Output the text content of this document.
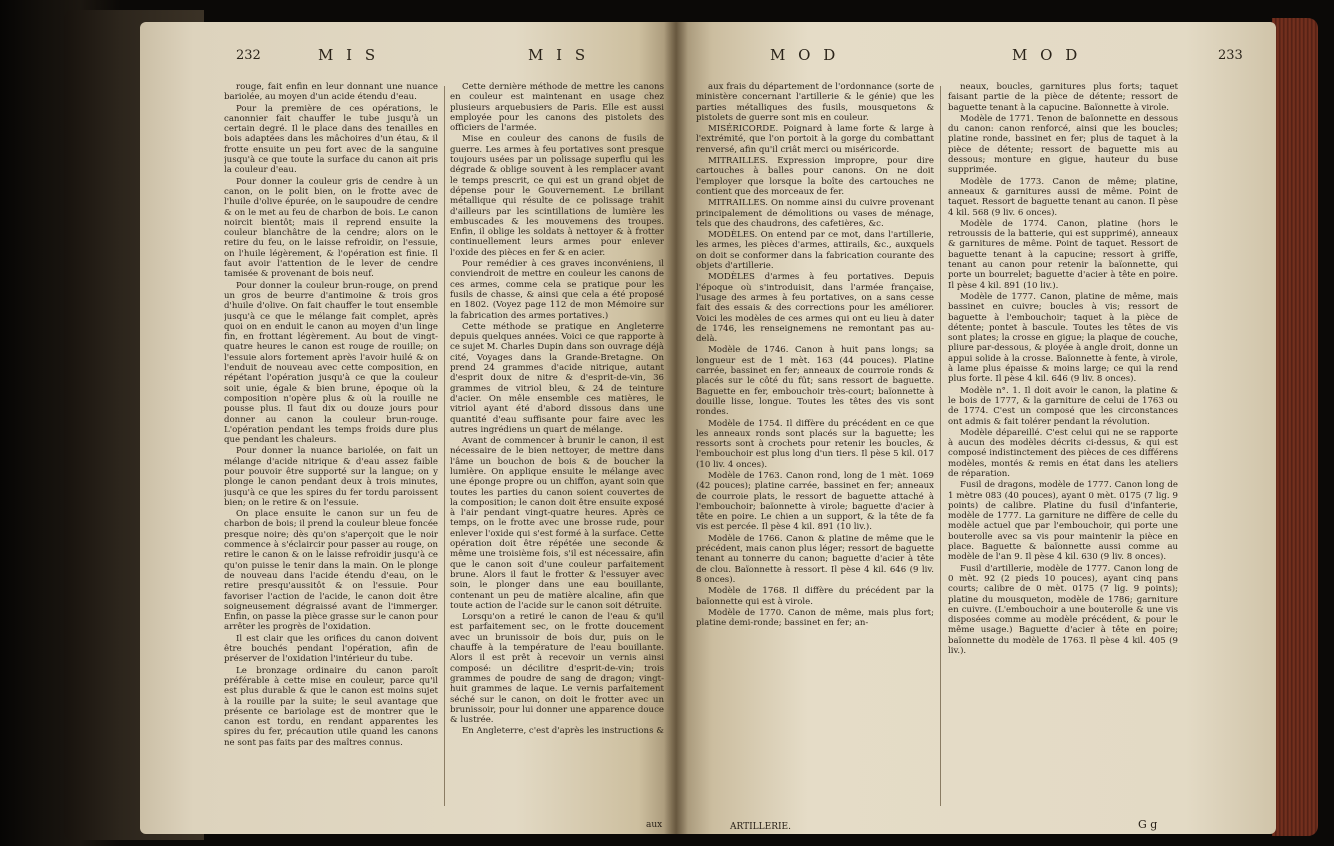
232	M I S	M I S	M O D	M O D	233

rouge, fait enfin en leur donnant une nuance bariolée, au moyen d'un acide étendu d'eau.

Pour la première de ces opérations, le canonnier fait chauffer le tube jusqu'à un certain degré. Il le place dans des tenailles en bois adaptées dans les mâchoires d'un étau, & il frotte ensuite un peu fort avec de la sanguine jusqu'à ce que toute la surface du canon ait pris la couleur d'eau.

Pour donner la couleur gris de cendre à un canon, on le polit bien, on le frotte avec de l'huile d'olive épurée, on le saupoudre de cendre & on le met au feu de charbon de bois. Le canon noircit bientôt; mais il reprend ensuite la couleur blanchâtre de la cendre; alors on le retire du feu, on le laisse refroidir, on l'essuie, on l'huile légèrement, & l'opération est finie. Il faut avoir l'attention de le lever de cendre tamisée & provenant de bois neuf.

Pour donner la couleur brun-rouge, on prend un gros de beurre d'antimoine & trois gros d'huile d'olive. On fait chauffer le tout ensemble jusqu'à ce que le mélange fait complet, après quoi on en enduit le canon au moyen d'un linge fin, en frottant légèrement. Au bout de vingt-quatre heures le canon est rouge de rouille; on l'essuie alors fortement après l'avoir huilé & on l'enduit de nouveau avec cette composition, en répétant l'opération jusqu'à ce que la couleur soit unie, égale & bien brune, époque où la composition n'opère plus & où la rouille ne pousse plus. Il faut dix ou douze jours pour donner au canon la couleur brun-rouge. L'opération pendant les temps froids dure plus que pendant les chaleurs.

Pour donner la nuance bariolée, on fait un mélange d'acide nitrique & d'eau assez faible pour pouvoir être supporté sur la langue; on y plonge le canon pendant deux à trois minutes, jusqu'à ce que les spires du fer tordu paroissent bien; on le retire & on l'essuie.

On place ensuite le canon sur un feu de charbon de bois; il prend la couleur bleue foncée presque noire; dès qu'on s'aperçoit que le noir commence à s'éclaircir pour passer au rouge, on retire le canon & on le laisse refroidir jusqu'à ce qu'on puisse le tenir dans la main. On le plonge de nouveau dans l'acide étendu d'eau, on le retire presqu'aussitôt & on l'essuie. Pour favoriser l'action de l'acide, le canon doit être soigneusement dégraissé avant de l'immerger. Enfin, on passe la pièce grasse sur le canon pour arrêter les progrès de l'oxidation.

Il est clair que les orifices du canon doivent être bouchés pendant l'opération, afin de préserver de l'oxidation l'intérieur du tube.

Le bronzage ordinaire du canon paroît préférable à cette mise en couleur, parce qu'il est plus durable & que le canon est moins sujet à la rouille par la suite; le seul avantage que présente ce bariolage est de montrer que le canon est tordu, en rendant apparentes les spires du fer, précaution utile quand les canons ne sont pas faits par des maîtres connus.

Cette dernière méthode de mettre les canons en couleur est maintenant en usage chez plusieurs arquebusiers de Paris. Elle est aussi employée pour les canons des pistolets des officiers de l'armée.

Mise en couleur des canons de fusils de guerre. Les armes à feu portatives sont presque toujours usées par un polissage superflu qui les dégrade & oblige souvent à les remplacer avant le temps prescrit, ce qui est un grand objet de dépense pour le Gouvernement. Le brillant métallique qui résulte de ce polissage trahit d'ailleurs par les scintillations de lumière les embuscades & les mouvemens des troupes. Enfin, il oblige les soldats à nettoyer & à frotter continuellement leurs armes pour enlever l'oxide des pièces en fer & en acier.

Pour remédier à ces graves inconvéniens, il conviendroit de mettre en couleur les canons de ces armes, comme cela se pratique pour les fusils de chasse, & ainsi que cela a été proposé en 1802. (Voyez page 112 de mon Mémoire sur la fabrication des armes portatives.)

Cette méthode se pratique en Angleterre depuis quelques années. Voici ce que rapporte à ce sujet M. Charles Dupin dans son ouvrage déjà cité, Voyages dans la Grande-Bretagne. On prend 24 grammes d'acide nitrique, autant d'esprit doux de nitre & d'esprit-de-vin, 36 grammes de vitriol bleu, & 24 de teinture d'acier. On mêle ensemble ces matières, le vitriol ayant été d'abord dissous dans une quantité d'eau suffisante pour faire avec les autres ingrédiens un quart de mélange.

Avant de commencer à brunir le canon, il est nécessaire de le bien nettoyer, de mettre dans l'âme un bouchon de bois & de boucher la lumière. On applique ensuite le mélange avec une éponge propre ou un chiffon, ayant soin que toutes les parties du canon soient couvertes de la composition; le canon doit être ensuite exposé à l'air pendant vingt-quatre heures. Après ce temps, on le frotte avec une brosse rude, pour enlever l'oxide qui s'est formé à la surface. Cette opération doit être répétée une seconde & même une troisième fois, s'il est nécessaire, afin que le canon soit d'une couleur parfaitement brune. Alors il faut le frotter & l'essuyer avec soin, le plonger dans une eau bouillante, contenant un peu de matière alcaline, afin que toute action de l'acide sur le canon soit détruite.

Lorsqu'on a retiré le canon de l'eau & qu'il est parfaitement sec, on le frotte doucement avec un brunissoir de bois dur, puis on le chauffe à la température de l'eau bouillante. Alors il est prêt à recevoir un vernis ainsi composé: un décilitre d'esprit-de-vin; trois grammes de poudre de sang de dragon; vingt-huit grammes de laque. Le vernis parfaitement séché sur le canon, on doit le frotter avec un brunissoir, pour lui donner une apparence douce & lustrée.

En Angleterre, c'est d'après les instructions &

aux frais du département de l'ordonnance (sorte de ministère concernant l'artillerie & le génie) que les parties métalliques des fusils, mousquetons & pistolets de guerre sont mis en couleur.

MISÉRICORDE. Poignard à lame forte & large à l'extrémité, que l'on portoit à la gorge du combattant renversé, afin qu'il criât merci ou miséricorde.

MITRAILLES. Expression impropre, pour dire cartouches à balles pour canons. On ne doit l'employer que lorsque la boîte des cartouches ne contient que des morceaux de fer.

MITRAILLES. On nomme ainsi du cuivre provenant principalement de démolitions ou vases de ménage, tels que des chaudrons, des cafetières, &c.

MODÈLES. On entend par ce mot, dans l'artillerie, les armes, les pièces d'armes, attirails, &c., auxquels on doit se conformer dans la fabrication courante des objets d'artillerie.

MODÈLES d'armes à feu portatives. Depuis l'époque où s'introduisit, dans l'armée française, l'usage des armes à feu portatives, on a sans cesse fait des essais & des corrections pour les améliorer. Voici les modèles de ces armes qui ont eu lieu à dater de 1746, les renseignemens ne remontant pas au-delà.

Modèle de 1746. Canon à huit pans longs; sa longueur est de 1 mèt. 163 (44 pouces). Platine carrée, bassinet en fer; anneaux de courroie ronds & placés sur le côté du fût; sans ressort de baguette. Baguette en fer, embouchoir très-court; baïonnette à douille lisse, longue. Toutes les têtes des vis sont rondes.

Modèle de 1754. Il diffère du précédent en ce que les anneaux ronds sont placés sur la baguette; les ressorts sont à crochets pour retenir les boucles, & l'embouchoir est plus long d'un tiers. Il pèse 5 kil. 017 (10 liv. 4 onces).

Modèle de 1763. Canon rond, long de 1 mèt. 1069 (42 pouces); platine carrée, bassinet en fer; anneaux de courroie plats, le ressort de baguette attaché à l'embouchoir; baïonnette à virole; baguette d'acier à tête en poire. Le chien a un support, & la tête de fa vis est percée. Il pèse 4 kil. 891 (10 liv.).

Modèle de 1766. Canon & platine de même que le précédent, mais canon plus léger; ressort de baguette tenant au tonnerre du canon; baguette d'acier à tête de clou. Baïonnette à ressort. Il pèse 4 kil. 646 (9 liv. 8 onces).

Modèle de 1768. Il diffère du précédent par la baïonnette qui est à virole.

Modèle de 1770. Canon de même, mais plus fort; platine demi-ronde; bassinet en fer; an-

neaux, boucles, garnitures plus forts; taquet faisant partie de la pièce de détente; ressort de baguette tenant à la capucine. Baïonnette à virole.

Modèle de 1771. Tenon de baïonnette en dessous du canon: canon renforcé, ainsi que les boucles; platine ronde, bassinet en fer; plus de taquet à la pièce de détente; ressort de baguette mis au dessous; monture en gigue, hauteur du buse supprimée.

Modèle de 1773. Canon de même; platine, anneaux & garnitures aussi de même. Point de taquet. Ressort de baguette tenant au canon. Il pèse 4 kil. 568 (9 liv. 6 onces).

Modèle de 1774. Canon, platine (hors le retroussis de la batterie, qui est supprimé), anneaux & garnitures de même. Point de taquet. Ressort de baguette tenant à la capucine; ressort à griffe, tenant au canon pour retenir la baïonnette, qui porte un bourrelet; baguette d'acier à tête en poire. Il pèse 4 kil. 891 (10 liv.).

Modèle de 1777. Canon, platine de même, mais bassinet en cuivre; boucles à vis; ressort de baguette à l'embouchoir; taquet à la pièce de détente; pontet à bascule. Toutes les têtes de vis sont plates; la crosse en gigue; la plaque de couche, pliure par-dessous, & ployée à angle droit, donne un appui solide à la crosse. Baïonnette à fente, à virole, à lame plus épaisse & moins large; ce qui la rend plus forte. Il pèse 4 kil. 646 (9 liv. 8 onces).

Modèle n°. 1. Il doit avoir le canon, la platine & le bois de 1777, & la garniture de celui de 1763 ou de 1774. C'est un composé que les circonstances ont admis & fait tolérer pendant la révolution.

Modèle dépareillé. C'est celui qui ne se rapporte à aucun des modèles décrits ci-dessus, & qui est composé indistinctement des pièces de ces différens modèles, montés & remis en état dans les ateliers de réparation.

Fusil de dragons, modèle de 1777. Canon long de 1 mètre 083 (40 pouces), ayant 0 mèt. 0175 (7 lig. 9 points) de calibre. Platine du fusil d'infanterie, modèle de 1777. La garniture ne diffère de celle du modèle actuel que par l'embouchoir, qui porte une bouterolle avec sa vis pour maintenir la pièce en place. Baguette & baïonnette aussi comme au modèle de l'an 9. Il pèse 4 kil. 630 (9 liv. 8 onces).

Fusil d'artillerie, modèle de 1777. Canon long de 0 mèt. 92 (2 pieds 10 pouces), ayant cinq pans courts; calibre de 0 mèt. 0175 (7 lig. 9 points); platine du mousqueton, modèle de 1786; garniture en cuivre. (L'embouchoir a une bouterolle & une vis disposées comme au modèle précédent, & pour le même usage.) Baguette d'acier à tête en poire; baïonnette du modèle de 1763. Il pèse 4 kil. 405 (9 liv.).

aux	ARTILLERIE.	G g
